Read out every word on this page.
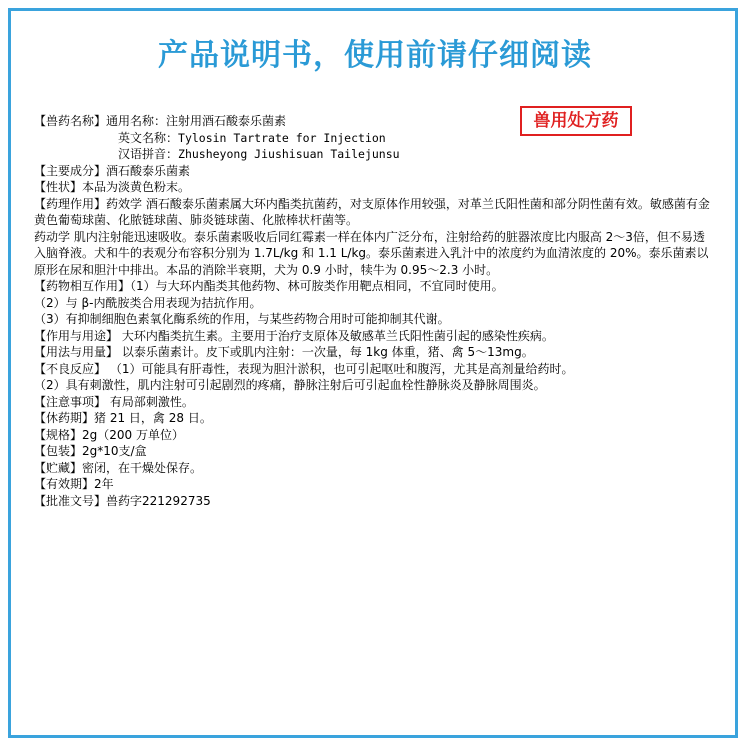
产品说明书，使用前请仔细阅读
兽用处方药
【兽药名称】通用名称：注射用酒石酸泰乐菌素
英文名称：Tylosin Tartrate for Injection
汉语拼音：Zhusheyong Jiushisuan Tailejunsu
【主要成分】酒石酸泰乐菌素
【性状】本品为淡黄色粉末。
【药理作用】药效学 酒石酸泰乐菌素属大环内酯类抗菌药，对支原体作用较强，对革兰氏阳性菌和部分阴性菌有效。敏感菌有金黄色葡萄球菌、化脓链球菌、肺炎链球菌、化脓棒状杆菌等。
药动学 肌内注射能迅速吸收。泰乐菌素吸收后同红霉素一样在体内广泛分布，注射给药的脏器浓度比内服高 2～3倍，但不易透入脑脊液。犬和牛的表观分布容积分别为 1.7L/kg 和 1.1 L/kg。泰乐菌素进入乳汁中的浓度约为血清浓度的 20%。泰乐菌素以原形在尿和胆汁中排出。本品的消除半衰期，犬为 0.9 小时，犊牛为 0.95～2.3 小时。
【药物相互作用】（1）与大环内酯类其他药物、林可胺类作用靶点相同，不宜同时使用。
（2）与 β-内酰胺类合用表现为拮抗作用。
（3）有抑制细胞色素氧化酶系统的作用，与某些药物合用时可能抑制其代谢。
【作用与用途】 大环内酯类抗生素。主要用于治疗支原体及敏感革兰氏阳性菌引起的感染性疾病。
【用法与用量】 以泰乐菌素计。皮下或肌内注射：一次量，每 1kg 体重，猪、禽 5～13mg。
【不良反应】 （1）可能具有肝毒性，表现为胆汁淤积，也可引起呕吐和腹泻，尤其是高剂量给药时。
（2）具有刺激性，肌内注射可引起剧烈的疼痛，静脉注射后可引起血栓性静脉炎及静脉周围炎。
【注意事项】 有局部刺激性。
【休药期】猪 21 日，禽 28 日。
【规格】2g（200 万单位）
【包装】2g*10支/盒
【贮藏】密闭，在干燥处保存。
【有效期】2年
【批准文号】兽药字221292735
